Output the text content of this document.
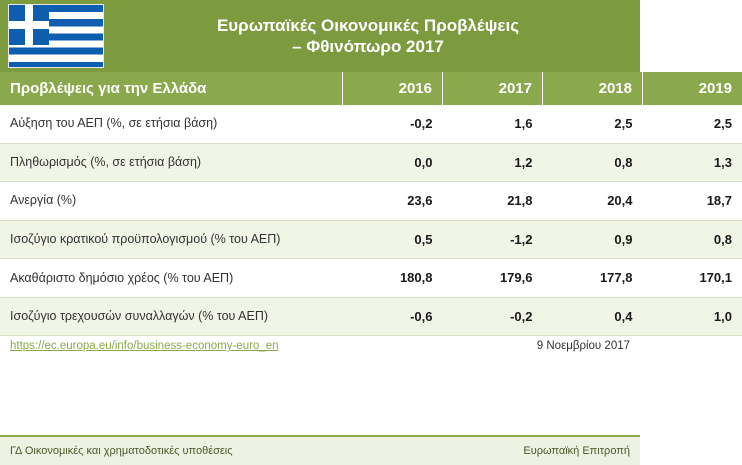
Ευρωπαϊκές Οικονομικές Προβλέψεις
– Φθινόπωρο 2017
Προβλέψεις για την Ελλάδα	2016	2017	2018	2019
Αύξηση του ΑΕΠ (%, σε ετήσια βάση)	-0,2	1,6	2,5	2,5
Πληθωρισμός (%, σε ετήσια βάση)	0,0	1,2	0,8	1,3
Ανεργία (%)	23,6	21,8	20,4	18,7
Ισοζύγιο κρατικού προϋπολογισμού (% του ΑΕΠ)	0,5	-1,2	0,9	0,8
Ακαθάριστο δημόσιο χρέος (% του ΑΕΠ)	180,8	179,6	177,8	170,1
Ισοζύγιο τρεχουσών συναλλαγών (% του ΑΕΠ)	-0,6	-0,2	0,4	1,0
https://ec.europa.eu/info/business-economy-euro_en	9 Νοεμβρίου 2017
ΓΔ Οικονομικές και χρηματοδοτικές υποθέσεις	Ευρωπαϊκή Επιτροπή
